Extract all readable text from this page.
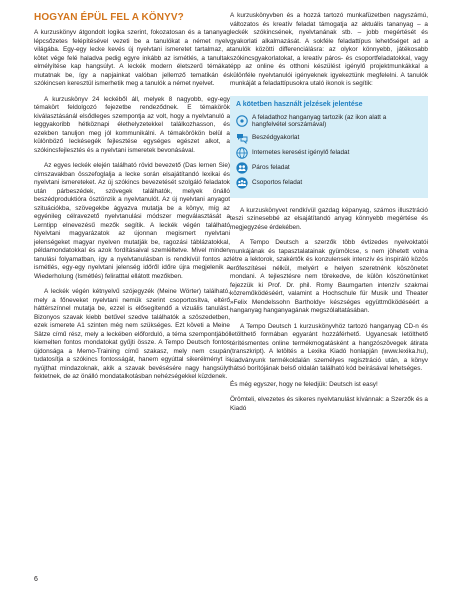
HOGYAN ÉPÜL FEL A KÖNYV?

A kurzuskönyv átgondolt logika szerint, fokozatosan és a tananyag lépcsőzetes felépítésével vezeti be a tanulókat a német nyelv világába. Egy-egy lecke kevés új nyelvtani ismeretet tartalmaz, a kötet vége felé haladva pedig egyre inkább az ismétlés, a tanultak elmélyítése kap hangsúlyt. A leckék modern életszerű témákat mutatnak be, így a napjainkat valóban jellemző tematikán és szókincsen keresztül ismerhetik meg a tanulók a német nyelvet.

A kurzuskönyv 24 leckéből áll, melyek 8 nagyobb, egy-egy témakört feldolgozó fejezetbe rendeződnek. E témakörök kiválasztásánál elsődleges szempontja az volt, hogy a nyelvtanuló a leggyakoribb hétköznapi élethelyzetekkel találkozhasson, és ezekben tanuljon meg jól kommunikálni. A témakörökön belül a különböző leckésegék fejlesztése egységes egészet alkot, a szókincsfejlesztés és a nyelvtani ismeretek bevonásával.

Az egyes leckék elején található rövid bevezető (Das lernen Sie) címszavakban összefoglalja a lecke során elsajátítandó lexikai és nyelvtani ismereteket. Az új szókincs bevezetését szolgáló feladatok után párbeszédek, szövegek találhatók, melyek önálló beszédproduktióra ösztönzik a nyelvtanulót. Az új nyelvtani anyagot szituációkba, szövegekbe ágyazva mutatja be a könyv, míg az egyénileg célravezető nyelvtanulási módszer megválasztását a Lerntipp elnevezésű mezők segítik. A leckék végén található Nyelvtani magyarázatok az újonnan megismert nyelvtani jelenségeket magyar nyelven mutatják be, ragozási táblázatokkal, példamondatokkal és azok fordításaival szemléltetve. Mivel minden tanulási folyamatban, így a nyelvtanulásban is rendkívül fontos az ismétlés, egy-egy nyelvtani jelenség időről időre újra megjelenik a Wiederholung (Ismétlés) feliratttal ellátott mezőkben.

A leckék végén kétnyelvű szójegyzék (Meine Wörter) található, mely a főneveket nyelvtani nemük szerint csoportosítva, eltérő háttérszínnel mutatja be, ezzel is elősegítendő a vizuális tanulást. Bizonyos szavak kiebb betűvel szedve találhatók a szöszedetben, ezek ismerete A1 szinten még nem szükséges. Ezt követi a Meine Sätze című rész, mely a leckében előforduló, a téma szempontjából kiemelten fontos mondatokat gyűjti össze. A Tempo Deutsch fontos újdonsága a Memo-Training című szakasz, mely nem csupán tudatosítja a szókincs fontosságát, hanem egyúttal sikerélményt is nyújthat mindazoknak, akik a szavak bevésésére nagy hangsúlyt fektetnek, de az önálló mondatalkotásban nehézségekkel küzdenek.

A kurzuskönyvben és a hozzá tartozó munkafüzetben nagyszámú, változatos és kreatív feladat támogatja az aktuális tananyag – a leckék szókincsének, nyelvtanának stb. – jobb megértését és gyakorlati alkalmazását. A sokféle feladattípus lehetőséget ad a tanulók közötti differenciálásra: az olykor könnyebb, játékosabb szókincsgyakorlatokat, a kreatív páros- és csoportfeladatokkal, vagy épp az online és otthoni készülést igénylő projektmunkákkal a különféle nyelvtanulói igényeknek igyekeztünk megfelelni. A tanulók munkáját a feladattípusokra utaló ikonok is segítik:

A kötetben használt jelzések jelentése
A feladathoz hanganyag tartozik (az ikon alatt a hangfelvétel sorszámával)
Beszédgyakorlat
Internetes keresést igénylő feladat
Páros feladat
Csoportos feladat

A kurzuskönyvet rendkívül gazdag képanyag, számos illusztráció teszi színesebbé az elsajátítandó anyag könnyebb megértése és megjegyzése érdekében.

A Tempo Deutsch a szerzők több évtizedes nyelvoktatói munkájának és tapasztalatainak gyümölcse, s nem jöhetett volna létre a lektorok, szakértők és konzulensek intenzív és inspiráló közös erőfeszítései nélkül, melyért e helyen szeretnénk köszönetet mondani. A tejlesztésre nem törekedve, de külön köszönetünket fejezzük ki Prof. Dr. phil. Romy Baumgarten intenzív szakmai közreműködéséért, valamint a Hochschule für Musik und Theater »Felix Mendelssohn Bartholdy« készséges együttműködéséért a hanganyag hanganyagának megszólaltatásában.

A Tempo Deutsch 1 kurzuskönyvhöz tartozó hanganyag CD-n és letölthető formában egyaránt hozzáférhető. Ugyancsak letölthető térítésmentes online termékmogatásként a hangzószövegek átirata (transzkript). A letöltés a Lexika Kiadó honlapján (www.lexika.hu), kiadványunk termékoldalán személyes regisztráció után, a könyv hátsó borítójának belső oldalán található kód beírásával lehetséges.

És még egyszer, hogy ne feledjük: Deutsch ist easy!

Örömteli, elvezetes és sikeres nyelvtanulást kívánnak: a Szerzők és a Kiadó

6
